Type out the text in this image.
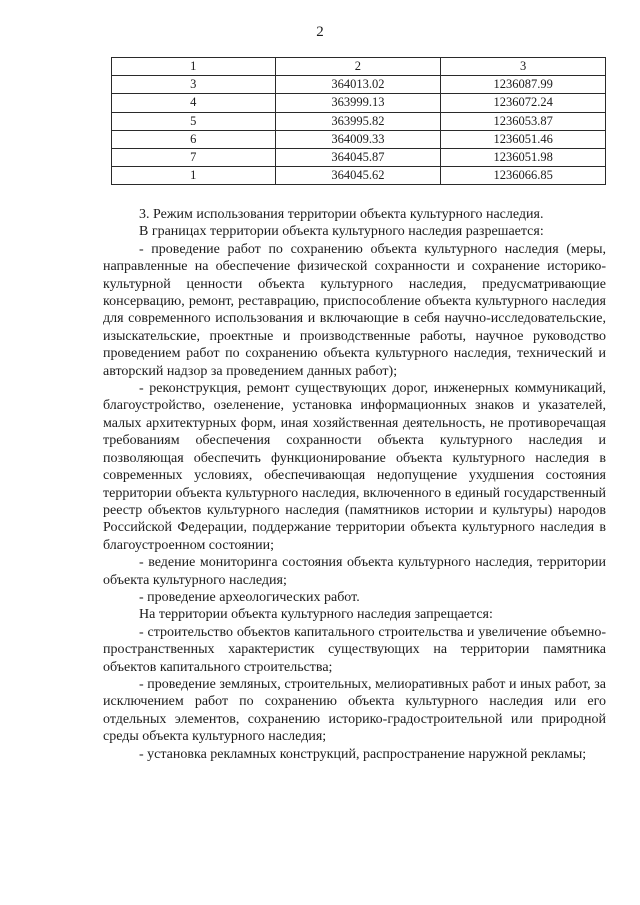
2
1	2	3
3	364013.02	1236087.99
4	363999.13	1236072.24
5	363995.82	1236053.87
6	364009.33	1236051.46
7	364045.87	1236051.98
1	364045.62	1236066.85

3. Режим использования территории объекта культурного наследия.

В границах территории объекта культурного наследия разрешается:

- проведение работ по сохранению объекта культурного наследия (меры, направленные на обеспечение физической сохранности и сохранение историко-культурной ценности объекта культурного наследия, предусматривающие консервацию, ремонт, реставрацию, приспособление объекта культурного наследия для современного использования и включающие в себя научно-исследовательские, изыскательские, проектные и производственные работы, научное руководство проведением работ по сохранению объекта культурного наследия, технический и авторский надзор за проведением данных работ);

- реконструкция, ремонт существующих дорог, инженерных коммуникаций, благоустройство, озеленение, установка информационных знаков и указателей, малых архитектурных форм, иная хозяйственная деятельность, не противоречащая требованиям обеспечения сохранности объекта культурного наследия и позволяющая обеспечить функционирование объекта культурного наследия в современных условиях, обеспечивающая недопущение ухудшения состояния территории объекта культурного наследия, включенного в единый государственный реестр объектов культурного наследия (памятников истории и культуры) народов Российской Федерации, поддержание территории объекта культурного наследия в благоустроенном состоянии;

- ведение мониторинга состояния объекта культурного наследия, территории объекта культурного наследия;

- проведение археологических работ.

На территории объекта культурного наследия запрещается:

- строительство объектов капитального строительства и увеличение объемно-пространственных характеристик существующих на территории памятника объектов капитального строительства;

- проведение земляных, строительных, мелиоративных работ и иных работ, за исключением работ по сохранению объекта культурного наследия или его отдельных элементов, сохранению историко-градостроительной или природной среды объекта культурного наследия;

- установка рекламных конструкций, распространение наружной рекламы;
